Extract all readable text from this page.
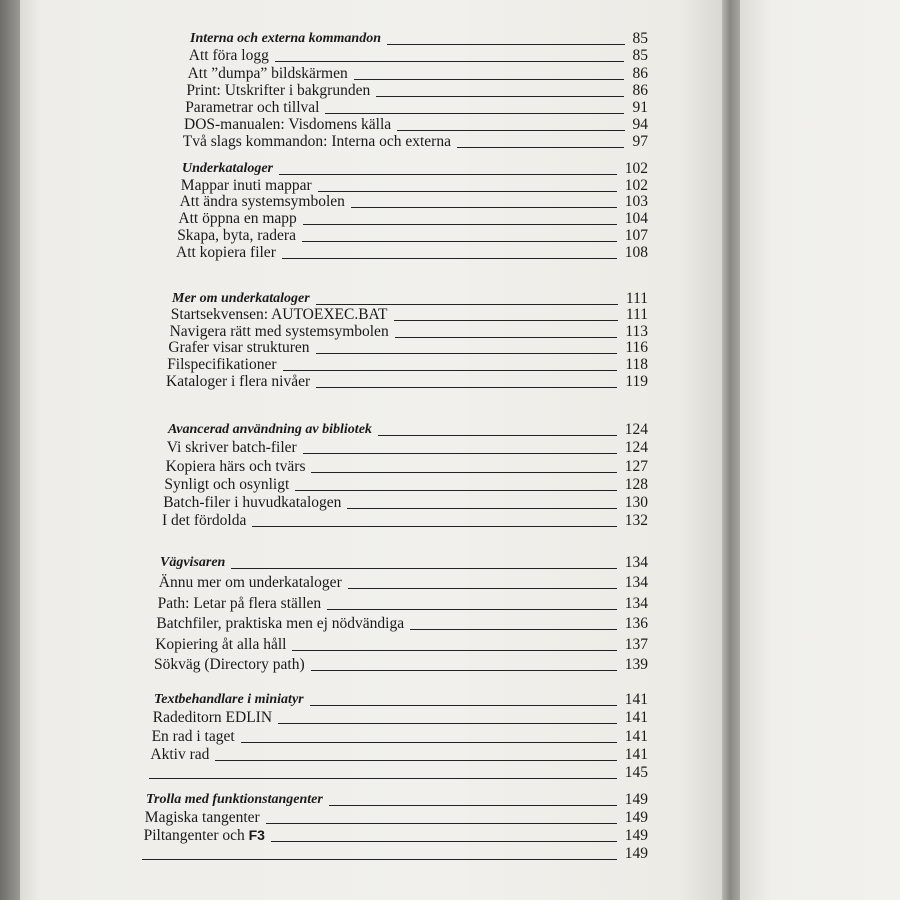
Interna och externa kommandon	85
Att föra logg	85
Att ”dumpa” bildskärmen	86
Print: Utskrifter i bakgrunden	86
Parametrar och tillval	91
DOS-manualen: Visdomens källa	94
Två slags kommandon: Interna och externa	97
Underkataloger	102
Mappar inuti mappar	102
Att ändra systemsymbolen	103
Att öppna en mapp	104
Skapa, byta, radera	107
Att kopiera filer	108
Mer om underkataloger	111
Startsekvensen: AUTOEXEC.BAT	111
Navigera rätt med systemsymbolen	113
Grafer visar strukturen	116
Filspecifikationer	118
Kataloger i flera nivåer	119
Avancerad användning av bibliotek	124
Vi skriver batch-filer	124
Kopiera härs och tvärs	127
Synligt och osynligt	128
Batch-filer i huvudkatalogen	130
I det fördolda	132
Vägvisaren	134
Ännu mer om underkataloger	134
Path: Letar på flera ställen	134
Batchfiler, praktiska men ej nödvändiga	136
Kopiering åt alla håll	137
Sökväg (Directory path)	139
Textbehandlare i miniatyr	141
Radeditorn EDLIN	141
En rad i taget	141
Aktiv rad	141
145
Trolla med funktionstangenter	149
Magiska tangenter	149
Piltangenter och F3	149
149
